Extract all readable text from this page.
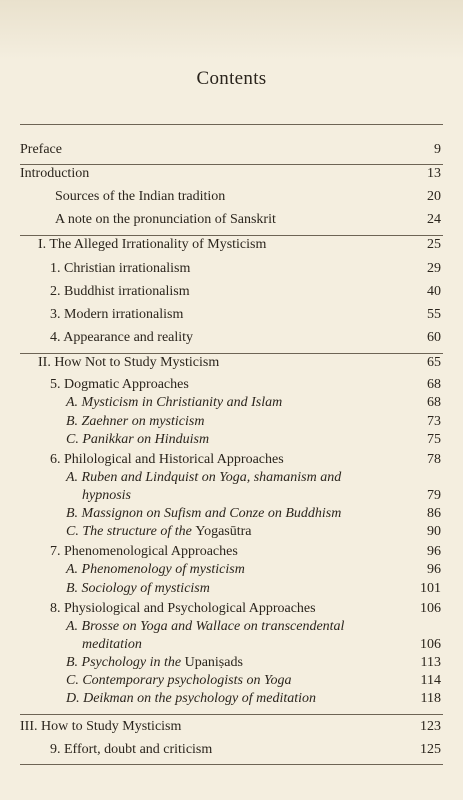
Contents
Preface	9
Introduction	13
Sources of the Indian tradition	20
A note on the pronunciation of Sanskrit	24
I. The Alleged Irrationality of Mysticism	25
1. Christian irrationalism	29
2. Buddhist irrationalism	40
3. Modern irrationalism	55
4. Appearance and reality	60
II. How Not to Study Mysticism	65
5. Dogmatic Approaches	68
A. Mysticism in Christianity and Islam	68
B. Zaehner on mysticism	73
C. Panikkar on Hinduism	75
6. Philological and Historical Approaches	78
A. Ruben and Lindquist on Yoga, shamanism and
hypnosis	79
B. Massignon on Sufism and Conze on Buddhism	86
C. The structure of the Yogasūtra	90
7. Phenomenological Approaches	96
A. Phenomenology of mysticism	96
B. Sociology of mysticism	101
8. Physiological and Psychological Approaches	106
A. Brosse on Yoga and Wallace on transcendental
meditation	106
B. Psychology in the Upaniṣads	113
C. Contemporary psychologists on Yoga	114
D. Deikman on the psychology of meditation	118
III. How to Study Mysticism	123
9. Effort, doubt and criticism	125
